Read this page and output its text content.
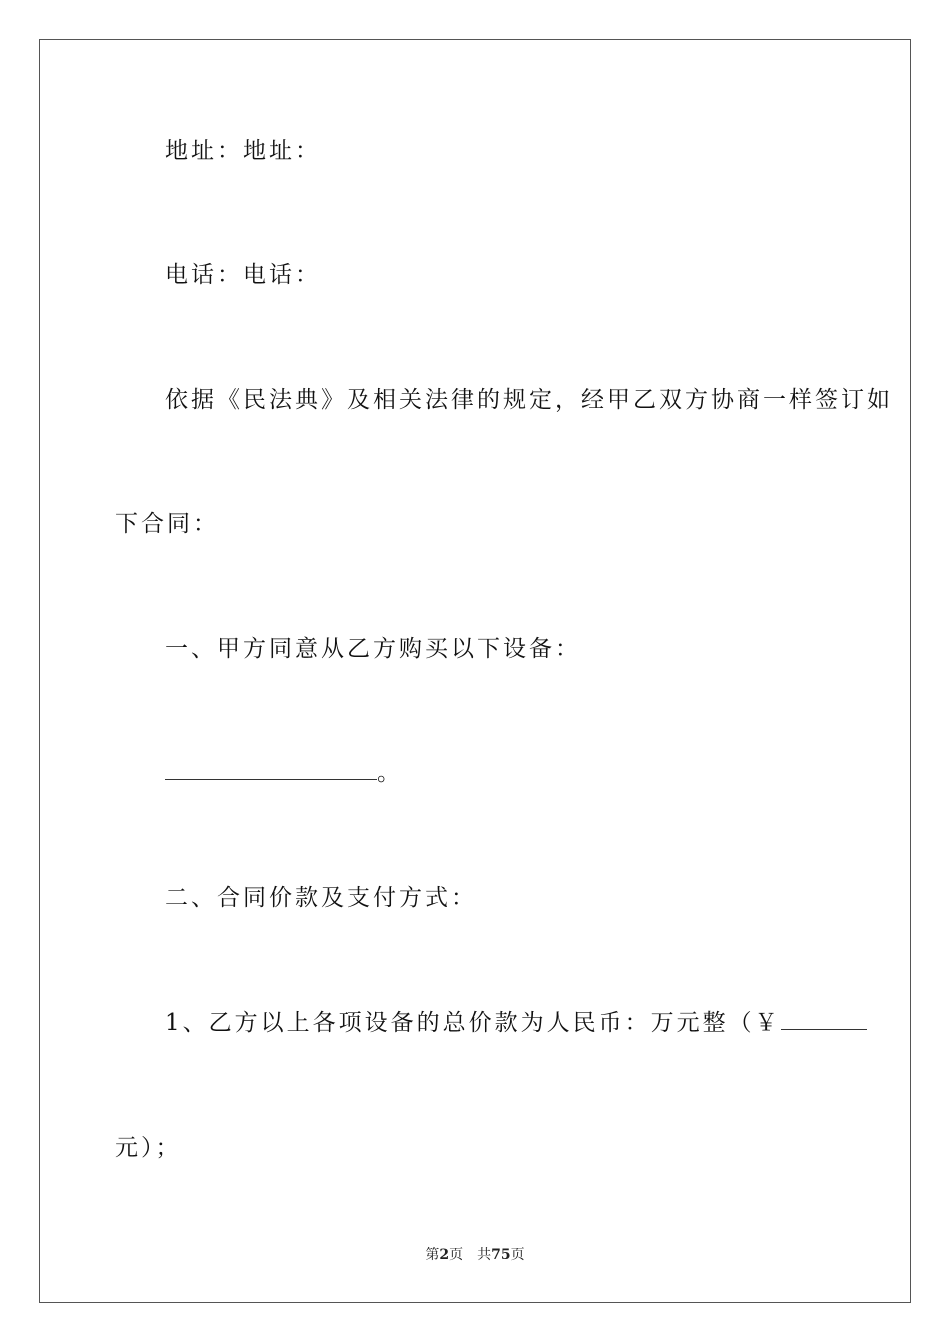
地址：地址：
电话：电话：
依据《民法典》及相关法律的规定，经甲乙双方协商一样签订如
下合同：
一、甲方同意从乙方购买以下设备：
。
二、合同价款及支付方式：
1、乙方以上各项设备的总价款为人民币：万元整（￥
元）；
第2页 共75页
